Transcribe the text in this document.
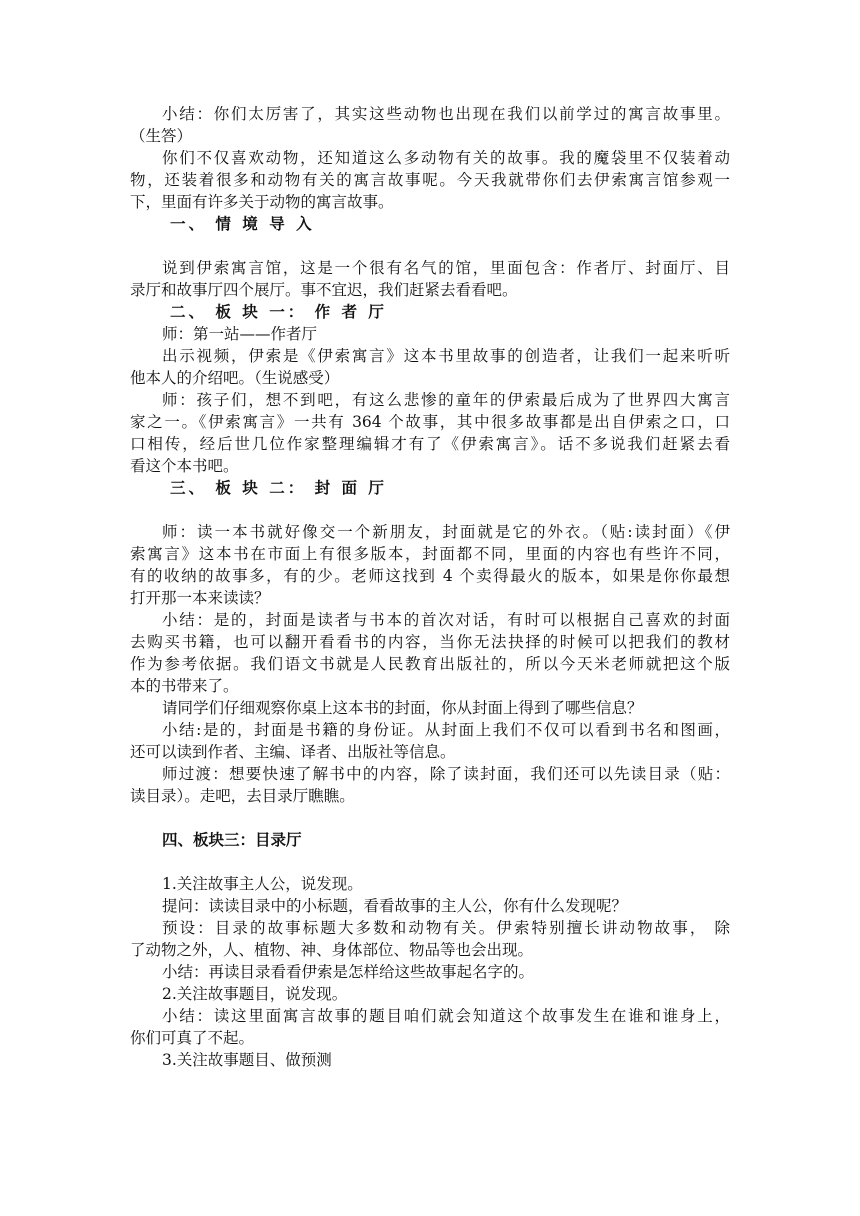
小结：你们太厉害了，其实这些动物也出现在我们以前学过的寓言故事里。
（生答）
你们不仅喜欢动物，还知道这么多动物有关的故事。我的魔袋里不仅装着动
物，还装着很多和动物有关的寓言故事呢。今天我就带你们去伊索寓言馆参观一
下，里面有许多关于动物的寓言故事。
一、 情 境 导 入
说到伊索寓言馆，这是一个很有名气的馆，里面包含：作者厅、封面厅、目
录厅和故事厅四个展厅。事不宜迟，我们赶紧去看看吧。
二、 板 块 一： 作 者 厅
师：第一站——作者厅
出示视频，伊索是《伊索寓言》这本书里故事的创造者，让我们一起来听听
他本人的介绍吧。（生说感受）
师：孩子们，想不到吧，有这么悲惨的童年的伊索最后成为了世界四大寓言
家之一。《伊索寓言》一共有 364 个故事，其中很多故事都是出自伊索之口，口
口相传，经后世几位作家整理编辑才有了《伊索寓言》。话不多说我们赶紧去看
看这个本书吧。
三、 板 块 二： 封 面 厅
师：读一本书就好像交一个新朋友，封面就是它的外衣。（贴:读封面）《伊
索寓言》这本书在市面上有很多版本，封面都不同，里面的内容也有些许不同，
有的收纳的故事多，有的少。老师这找到 4 个卖得最火的版本，如果是你你最想
打开那一本来读读？
小结：是的，封面是读者与书本的首次对话，有时可以根据自己喜欢的封面
去购买书籍，也可以翻开看看书的内容，当你无法抉择的时候可以把我们的教材
作为参考依据。我们语文书就是人民教育出版社的，所以今天米老师就把这个版
本的书带来了。
请同学们仔细观察你桌上这本书的封面，你从封面上得到了哪些信息？
小结:是的，封面是书籍的身份证。从封面上我们不仅可以看到书名和图画，
还可以读到作者、主编、译者、出版社等信息。
师过渡：想要快速了解书中的内容，除了读封面，我们还可以先读目录（贴：
读目录）。走吧，去目录厅瞧瞧。
四、板块三：目录厅
1.关注故事主人公，说发现。
提问：读读目录中的小标题，看看故事的主人公，你有什么发现呢？
预设：目录的故事标题大多数和动物有关。伊索特别擅长讲动物故事， 除
了动物之外，人、植物、神、身体部位、物品等也会出现。
小结：再读目录看看伊索是怎样给这些故事起名字的。
2.关注故事题目，说发现。
小结：读这里面寓言故事的题目咱们就会知道这个故事发生在谁和谁身上，
你们可真了不起。
3.关注故事题目、做预测
